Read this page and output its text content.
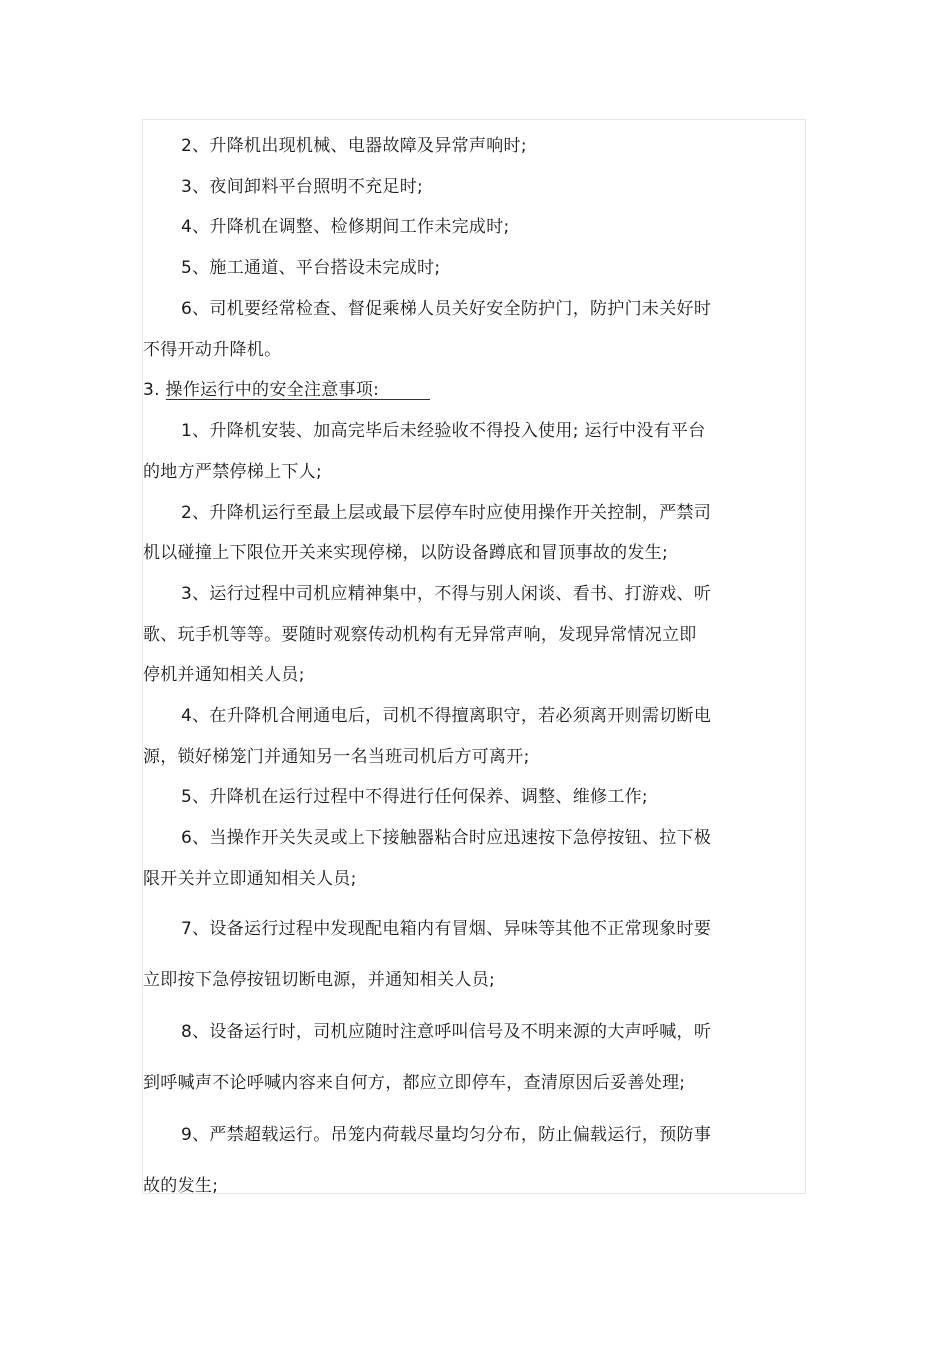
2、升降机出现机械、电器故障及异常声响时;
3、夜间卸料平台照明不充足时;
4、升降机在调整、检修期间工作未完成时;
5、施工通道、平台搭设未完成时;
6、司机要经常检查、督促乘梯人员关好安全防护门，防护门未关好时
不得开动升降机。
3. 操作运行中的安全注意事项:
1、升降机安装、加高完毕后未经验收不得投入使用; 运行中没有平台
的地方严禁停梯上下人;
2、升降机运行至最上层或最下层停车时应使用操作开关控制，严禁司
机以碰撞上下限位开关来实现停梯，以防设备蹲底和冒顶事故的发生;
3、运行过程中司机应精神集中，不得与别人闲谈、看书、打游戏、听
歌、玩手机等等。要随时观察传动机构有无异常声响，发现异常情况立即
停机并通知相关人员;
4、在升降机合闸通电后，司机不得擅离职守，若必须离开则需切断电
源，锁好梯笼门并通知另一名当班司机后方可离开;
5、升降机在运行过程中不得进行任何保养、调整、维修工作;
6、当操作开关失灵或上下接触器粘合时应迅速按下急停按钮、拉下极
限开关并立即通知相关人员;
7、设备运行过程中发现配电箱内有冒烟、异味等其他不正常现象时要
立即按下急停按钮切断电源，并通知相关人员;
8、设备运行时，司机应随时注意呼叫信号及不明来源的大声呼喊，听
到呼喊声不论呼喊内容来自何方，都应立即停车，查清原因后妥善处理;
9、严禁超载运行。吊笼内荷载尽量均匀分布，防止偏载运行，预防事
故的发生;
